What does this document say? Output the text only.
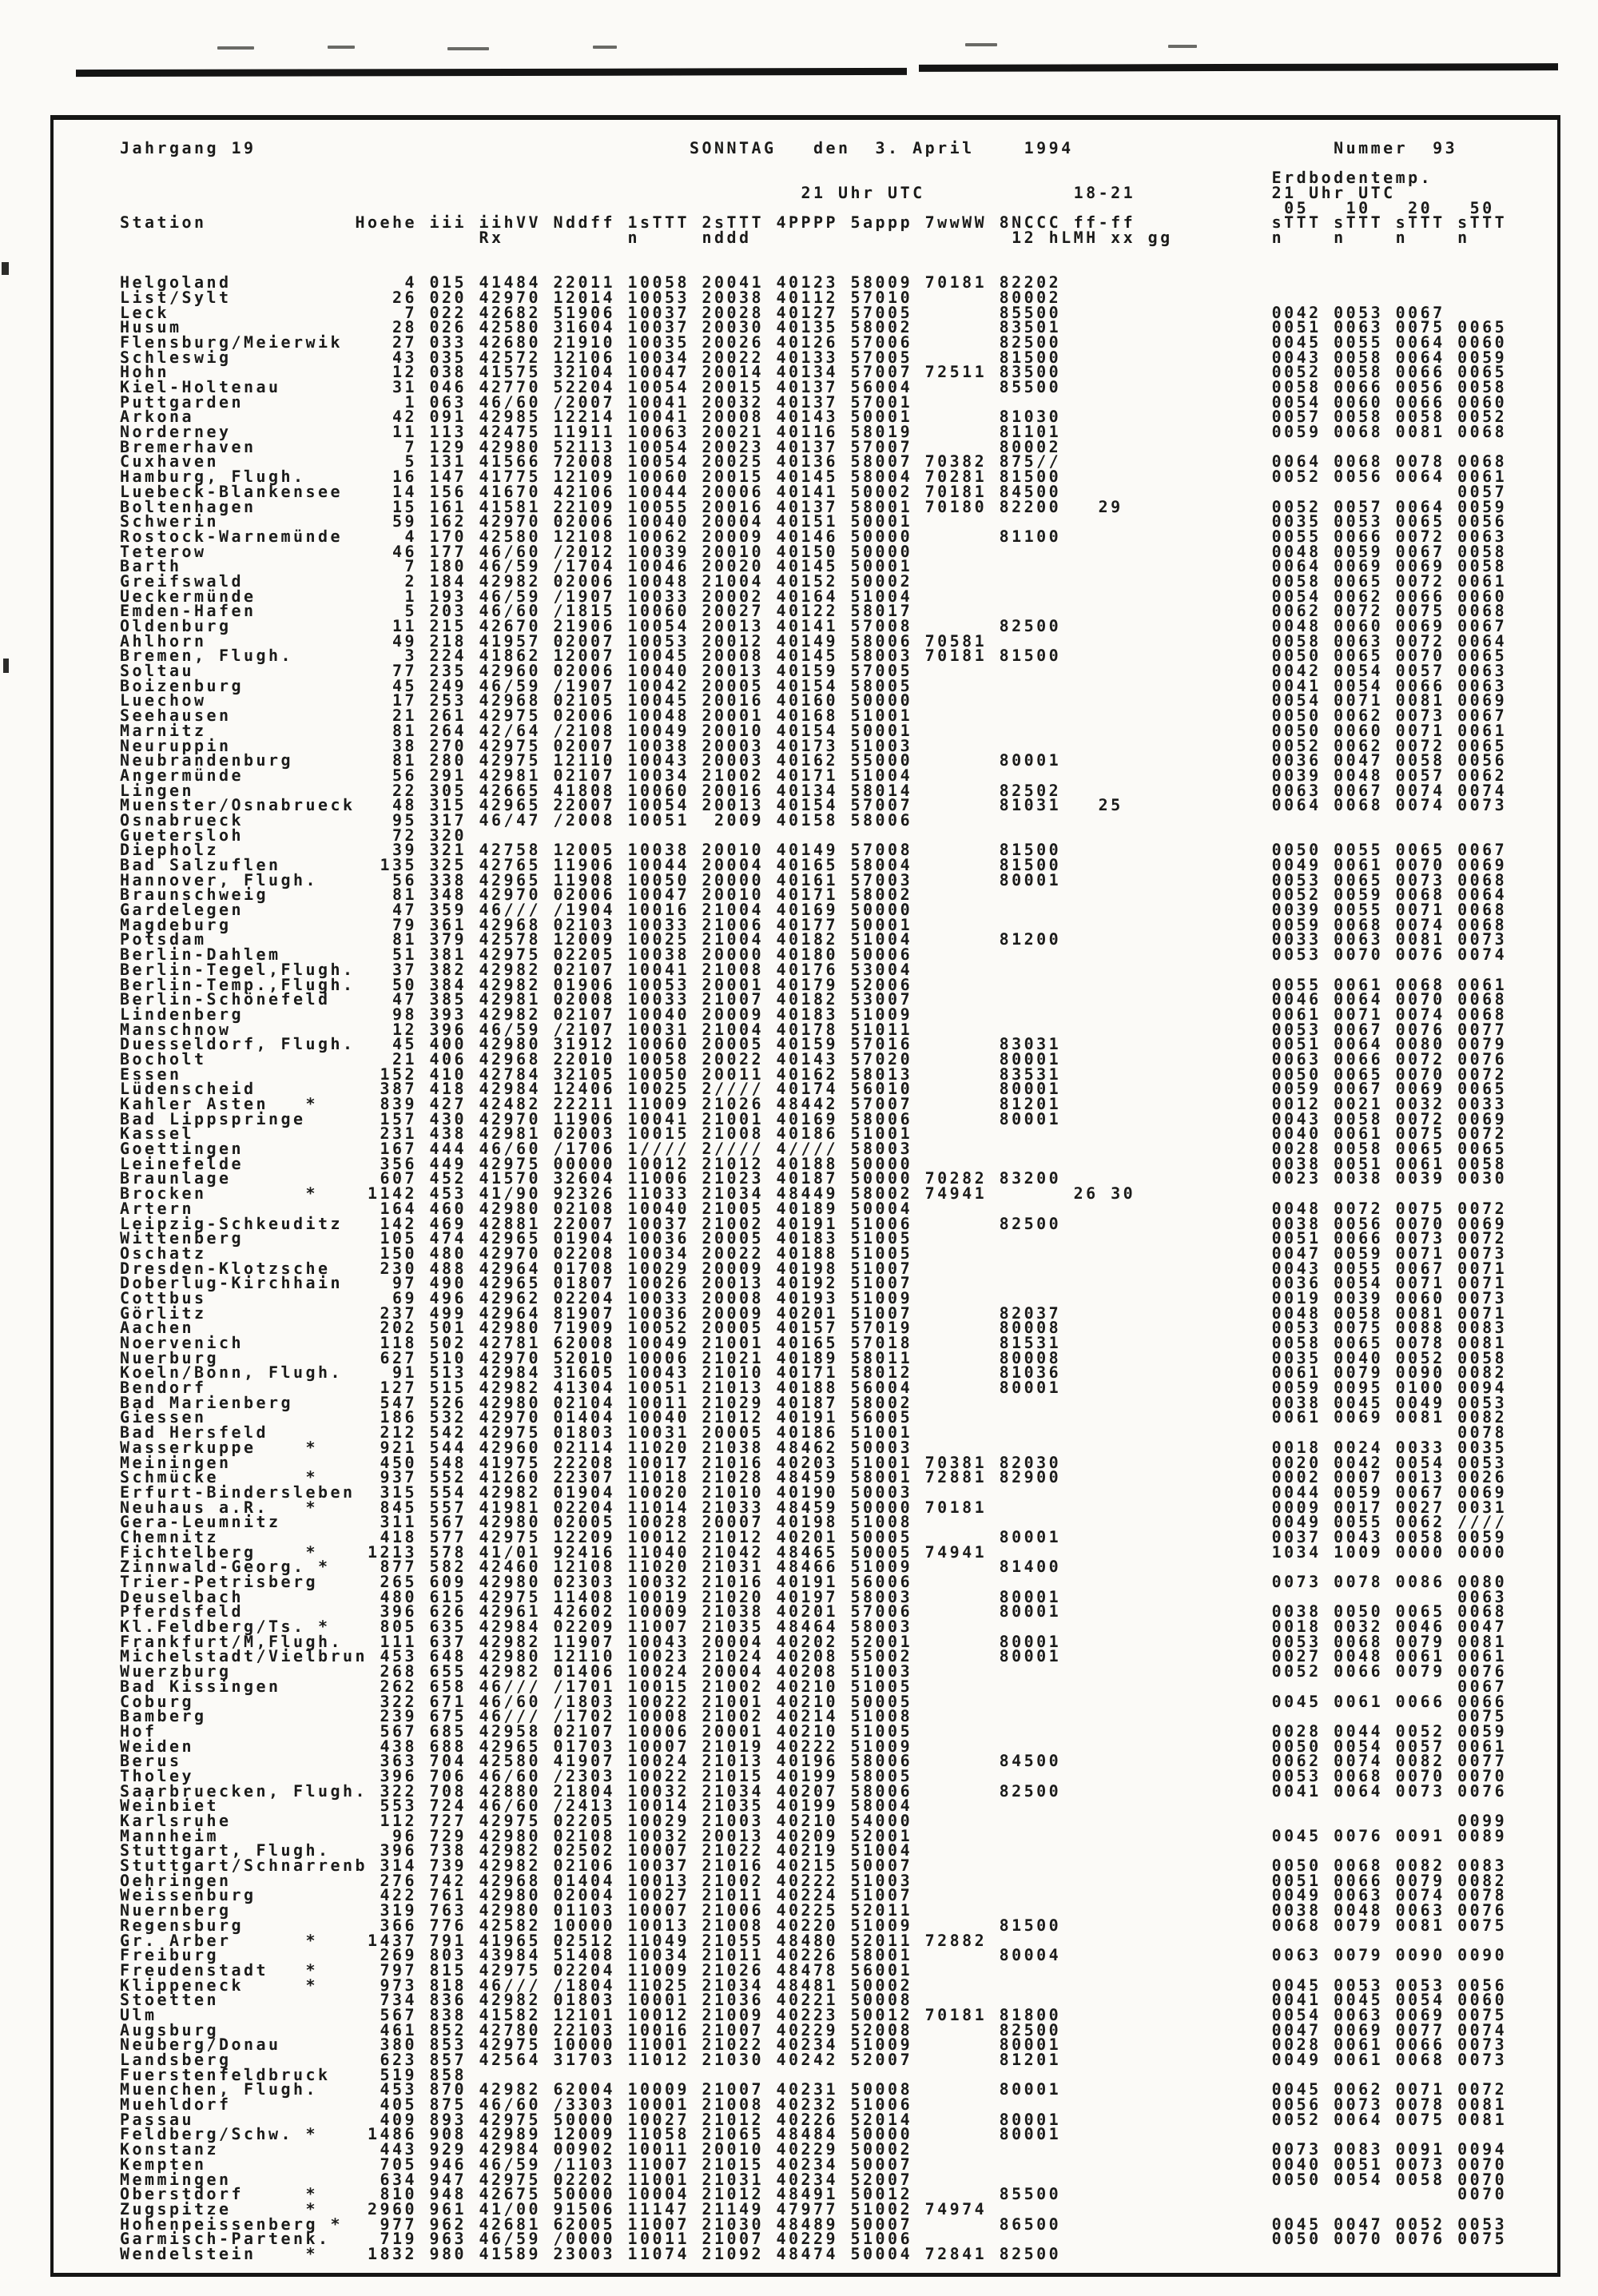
Jahrgang 19                                   SONNTAG   den  3. April    1994                     Nummer  93
Erdbodentemp.
21 Uhr UTC            18-21           21 Uhr UTC
05   10   20   50
Station            Hoehe iii iihVV Nddff 1sTTT 2sTTT 4PPPP 5appp 7wwWW 8NCCC ff-ff           sTTT sTTT sTTT sTTT
Rx          n     nddd                     12 hLMH xx gg        n    n    n    n
Helgoland              4 015 41484 22011 10058 20041 40123 58009 70181 82202
List/Sylt             26 020 42970 12014 10053 20038 40112 57010       80002
Leck                   7 022 42682 51906 10037 20028 40127 57005       85500                 0042 0053 0067
Husum                 28 026 42580 31604 10037 20030 40135 58002       83501                 0051 0063 0075 0065
Flensburg/Meierwik    27 033 42680 21910 10035 20026 40126 57006       82500                 0045 0055 0064 0060
Schleswig             43 035 42572 12106 10034 20022 40133 57005       81500                 0043 0058 0064 0059
Hohn                  12 038 41575 32104 10047 20014 40134 57007 72511 83500                 0052 0058 0066 0065
Kiel-Holtenau         31 046 42770 52204 10054 20015 40137 56004       85500                 0058 0066 0056 0058
Puttgarden             1 063 46/60 /2007 10041 20032 40137 57001                             0054 0060 0066 0060
Arkona                42 091 42985 12214 10041 20008 40143 50001       81030                 0057 0058 0058 0052
Norderney             11 113 42475 11911 10063 20021 40116 58019       81101                 0059 0068 0081 0068
Bremerhaven            7 129 42980 52113 10054 20023 40137 57007       80002
Cuxhaven               5 131 41566 72008 10054 20025 40136 58007 70382 875//                 0064 0068 0078 0068
Hamburg, Flugh.       16 147 41775 12109 10060 20015 40145 58004 70281 81500                 0052 0056 0064 0061
Luebeck-Blankensee    14 156 41670 42106 10044 20006 40141 50002 70181 84500                                0057
Boltenhagen           15 161 41581 22109 10055 20016 40137 58001 70180 82200   29            0052 0057 0064 0059
Schwerin              59 162 42970 02006 10040 20004 40151 50001                             0035 0053 0065 0056
Rostock-Warnemünde     4 170 42580 12108 10062 20009 40146 50000       81100                 0055 0066 0072 0063
Teterow               46 177 46/60 /2012 10039 20010 40150 50000                             0048 0059 0067 0058
Barth                  7 180 46/59 /1704 10046 20020 40145 50001                             0064 0069 0069 0058
Greifswald             2 184 42982 02006 10048 21004 40152 50002                             0058 0065 0072 0061
Ueckermünde            1 193 46/59 /1907 10033 20002 40164 51004                             0054 0062 0066 0060
Emden-Hafen            5 203 46/60 /1815 10060 20027 40122 58017                             0062 0072 0075 0068
Oldenburg             11 215 42670 21906 10054 20013 40141 57008       82500                 0048 0060 0069 0067
Ahlhorn               49 218 41957 02007 10053 20012 40149 58006 70581                       0058 0063 0072 0064
Bremen, Flugh.         3 224 41862 12007 10045 20008 40145 58003 70181 81500                 0050 0065 0070 0065
Soltau                77 235 42960 02006 10040 20013 40159 57005                             0042 0054 0057 0063
Boizenburg            45 249 46/59 /1907 10042 20005 40154 58005                             0041 0054 0066 0063
Luechow               17 253 42968 02105 10045 20016 40160 50000                             0054 0071 0081 0069
Seehausen             21 261 42975 02006 10048 20001 40168 51001                             0050 0062 0073 0067
Marnitz               81 264 42/64 /2108 10049 20010 40154 50001                             0050 0060 0071 0061
Neuruppin             38 270 42975 02007 10038 20003 40173 51003                             0052 0062 0072 0065
Neubrandenburg        81 280 42975 12110 10043 20003 40162 55000       80001                 0036 0047 0058 0056
Angermünde            56 291 42981 02107 10034 21002 40171 51004                             0039 0048 0057 0062
Lingen                22 305 42665 41808 10060 20016 40134 58014       82502                 0063 0067 0074 0074
Muenster/Osnabrueck   48 315 42965 22007 10054 20013 40154 57007       81031   25            0064 0068 0074 0073
Osnabrueck            95 317 46/47 /2008 10051  2009 40158 58006
Guetersloh            72 320
Diepholz              39 321 42758 12005 10038 20010 40149 57008       81500                 0050 0055 0065 0067
Bad Salzuflen        135 325 42765 11906 10044 20004 40165 58004       81500                 0049 0061 0070 0069
Hannover, Flugh.      56 338 42965 11908 10050 20000 40161 57003       80001                 0053 0065 0073 0068
Braunschweig          81 348 42970 02006 10047 20010 40171 58002                             0052 0059 0068 0064
Gardelegen            47 359 46/// /1904 10016 21004 40169 50000                             0039 0055 0071 0068
Magdeburg             79 361 42968 02103 10033 21006 40177 50001                             0059 0068 0074 0068
Potsdam               81 379 42578 12009 10025 21004 40182 51004       81200                 0033 0063 0081 0073
Berlin-Dahlem         51 381 42975 02205 10038 20000 40180 50006                             0053 0070 0076 0074
Berlin-Tegel,Flugh.   37 382 42982 02107 10041 21008 40176 53004
Berlin-Temp.,Flugh.   50 384 42982 01906 10053 20001 40179 52006                             0055 0061 0068 0061
Berlin-Schönefeld     47 385 42981 02008 10033 21007 40182 53007                             0046 0064 0070 0068
Lindenberg            98 393 42982 02107 10040 20009 40183 51009                             0061 0071 0074 0068
Manschnow             12 396 46/59 /2107 10031 21004 40178 51011                             0053 0067 0076 0077
Duesseldorf, Flugh.   45 400 42980 31912 10060 20005 40159 57016       83031                 0051 0064 0080 0079
Bocholt               21 406 42968 22010 10058 20022 40143 57020       80001                 0063 0066 0072 0076
Essen                152 410 42784 32105 10050 20011 40162 58013       83531                 0050 0065 0070 0072
Lüdenscheid          387 418 42984 12406 10025 2//// 40174 56010       80001                 0059 0067 0069 0065
Kahler Asten   *     839 427 42482 22211 11009 21026 48442 57007       81201                 0012 0021 0032 0033
Bad Lippspringe      157 430 42970 11906 10041 21001 40169 58006       80001                 0043 0058 0072 0069
Kassel               231 438 42981 02003 10015 21008 40186 51001                             0040 0061 0075 0072
Goettingen           167 444 46/60 /1706 1//// 2//// 4//// 58003                             0028 0058 0065 0065
Leinefelde           356 449 42975 00000 10012 21012 40188 50000                             0038 0051 0061 0058
Braunlage            607 452 41570 32604 11006 21023 40187 50000 70282 83200                 0023 0038 0039 0030
Brocken        *    1142 453 41/90 92326 11033 21034 48449 58002 74941       26 30
Artern               164 460 42980 02108 10040 21005 40189 50004                             0048 0072 0075 0072
Leipzig-Schkeuditz   142 469 42881 22007 10037 21002 40191 51006       82500                 0038 0056 0070 0069
Wittenberg           105 474 42965 01904 10036 20005 40183 51005                             0051 0066 0073 0072
Oschatz              150 480 42970 02208 10034 20022 40188 51005                             0047 0059 0071 0073
Dresden-Klotzsche    230 488 42964 01708 10029 20009 40198 51007                             0043 0055 0067 0071
Doberlug-Kirchhain    97 490 42965 01807 10026 20013 40192 51007                             0036 0054 0071 0071
Cottbus               69 496 42962 02204 10033 20008 40193 51009                             0019 0039 0060 0073
Görlitz              237 499 42964 81907 10036 20009 40201 51007       82037                 0048 0058 0081 0071
Aachen               202 501 42980 71909 10052 20005 40157 57019       80008                 0053 0075 0088 0083
Noervenich           118 502 42781 62008 10049 21001 40165 57018       81531                 0058 0065 0078 0081
Nuerburg             627 510 42970 52010 10006 21021 40189 58011       80008                 0035 0040 0052 0058
Koeln/Bonn, Flugh.    91 513 42984 31605 10043 21010 40171 58012       81036                 0061 0079 0090 0082
Bendorf              127 515 42982 41304 10051 21013 40188 56004       80001                 0059 0095 0100 0094
Bad Marienberg       547 526 42980 02104 10011 21029 40187 58002                             0038 0045 0049 0053
Giessen              186 532 42970 01404 10040 21012 40191 56005                             0061 0069 0081 0082
Bad Hersfeld         212 542 42975 01803 10031 20005 40186 51001                                            0078
Wasserkuppe    *     921 544 42960 02114 11020 21038 48462 50003                             0018 0024 0033 0035
Meiningen            450 548 41975 22208 10017 21016 40203 51001 70381 82030                 0020 0042 0054 0053
Schmücke       *     937 552 41260 22307 11018 21028 48459 58001 72881 82900                 0002 0007 0013 0026
Erfurt-Bindersleben  315 554 42982 01904 10020 21010 40190 50003                             0044 0059 0067 0069
Neuhaus a.R.   *     845 557 41981 02204 11014 21033 48459 50000 70181                       0009 0017 0027 0031
Gera-Leumnitz        311 567 42980 02005 10028 20007 40198 51008                             0049 0055 0062 ////
Chemnitz             418 577 42975 12209 10012 21012 40201 50005       80001                 0037 0043 0058 0059
Fichtelberg    *    1213 578 41/01 92416 11040 21042 48465 50005 74941                       1034 1009 0000 0000
Zinnwald-Georg. *    877 582 42460 12108 11020 21031 48466 51009       81400
Trier-Petrisberg     265 609 42980 02303 10032 21016 40191 56006                             0073 0078 0086 0080
Deuselbach           480 615 42975 11408 10019 21020 40197 58003       80001                                0063
Pferdsfeld           396 626 42961 42602 10009 21038 40201 57006       80001                 0038 0050 0065 0068
Kl.Feldberg/Ts. *    805 635 42984 02209 11007 21035 48464 58003                             0018 0032 0046 0047
Frankfurt/M,Flugh.   111 637 42982 11907 10043 20004 40202 52001       80001                 0053 0068 0079 0081
Michelstadt/Vielbrun 453 648 42980 12110 10023 21024 40208 55002       80001                 0027 0048 0061 0061
Wuerzburg            268 655 42982 01406 10024 20004 40208 51003                             0052 0066 0079 0076
Bad Kissingen        262 658 46/// /1701 10015 21002 40210 51005                                            0067
Coburg               322 671 46/60 /1803 10022 21001 40210 50005                             0045 0061 0066 0066
Bamberg              239 675 46/// /1702 10008 21002 40214 51008                                            0075
Hof                  567 685 42958 02107 10006 20001 40210 51005                             0028 0044 0052 0059
Weiden               438 688 42965 01703 10007 21019 40222 51009                             0050 0054 0057 0061
Berus                363 704 42580 41907 10024 21013 40196 58006       84500                 0062 0074 0082 0077
Tholey               396 706 46/60 /2303 10022 21015 40199 58005                             0053 0068 0070 0070
Saarbruecken, Flugh. 322 708 42880 21804 10032 21034 40207 58006       82500                 0041 0064 0073 0076
Weinbiet             553 724 46/60 /2413 10014 21035 40199 58004
Karlsruhe            112 727 42975 02205 10029 21003 40210 54000                                            0099
Mannheim              96 729 42980 02108 10032 20013 40209 52001                             0045 0076 0091 0089
Stuttgart, Flugh.    396 738 42982 02502 10007 21022 40219 51004
Stuttgart/Schnarrenb 314 739 42982 02106 10037 21016 40215 50007                             0050 0068 0082 0083
Oehringen            276 742 42968 01404 10013 21002 40222 51003                             0051 0066 0079 0082
Weissenburg          422 761 42980 02004 10027 21011 40224 51007                             0049 0063 0074 0078
Nuernberg            319 763 42980 01103 10007 21006 40225 52011                             0038 0048 0063 0076
Regensburg           366 776 42582 10000 10013 21008 40220 51009       81500                 0068 0079 0081 0075
Gr. Arber      *    1437 791 41965 02512 11049 21055 48480 52011 72882
Freiburg             269 803 43984 51408 10034 21011 40226 58001       80004                 0063 0079 0090 0090
Freudenstadt   *     797 815 42975 02204 11009 21026 48478 56001
Klippeneck     *     973 818 46/// /1804 11025 21034 48481 50002                             0045 0053 0053 0056
Stoetten             734 836 42982 01803 10001 21036 40221 50008                             0041 0045 0054 0060
Ulm                  567 838 41582 12101 10012 21009 40223 50012 70181 81800                 0054 0063 0069 0075
Augsburg             461 852 42780 22103 10016 21007 40229 52008       82500                 0047 0069 0077 0074
Neuberg/Donau        380 853 42975 10000 11001 21022 40234 51009       80001                 0028 0061 0066 0073
Landsberg            623 857 42564 31703 11012 21030 40242 52007       81201                 0049 0061 0068 0073
Fuerstenfeldbruck    519 858
Muenchen, Flugh.     453 870 42982 62004 10009 21007 40231 50008       80001                 0045 0062 0071 0072
Muehldorf            405 875 46/60 /3303 10001 21008 40232 51006                             0056 0073 0078 0081
Passau               409 893 42975 50000 10027 21012 40226 52014       80001                 0052 0064 0075 0081
Feldberg/Schw. *    1486 908 42989 12009 11058 21065 48484 50000       80001
Konstanz             443 929 42984 00902 10011 20010 40229 50002                             0073 0083 0091 0094
Kempten              705 946 46/59 /1103 11007 21015 40234 50007                             0040 0051 0073 0070
Memmingen            634 947 42975 02202 11001 21031 40234 52007                             0050 0054 0058 0070
Oberstdorf     *     810 948 42675 50000 10004 21012 48491 50012       85500                                0070
Zugspitze      *    2960 961 41/00 91506 11147 21149 47977 51002 74974
Hohenpeissenberg *   977 962 42681 62005 11007 21030 48489 50007       86500                 0045 0047 0052 0053
Garmisch-Partenk.    719 963 46/59 /0000 10011 21007 40229 51006                             0050 0070 0076 0075
Wendelstein    *    1832 980 41589 23003 11074 21092 48474 50004 72841 82500
